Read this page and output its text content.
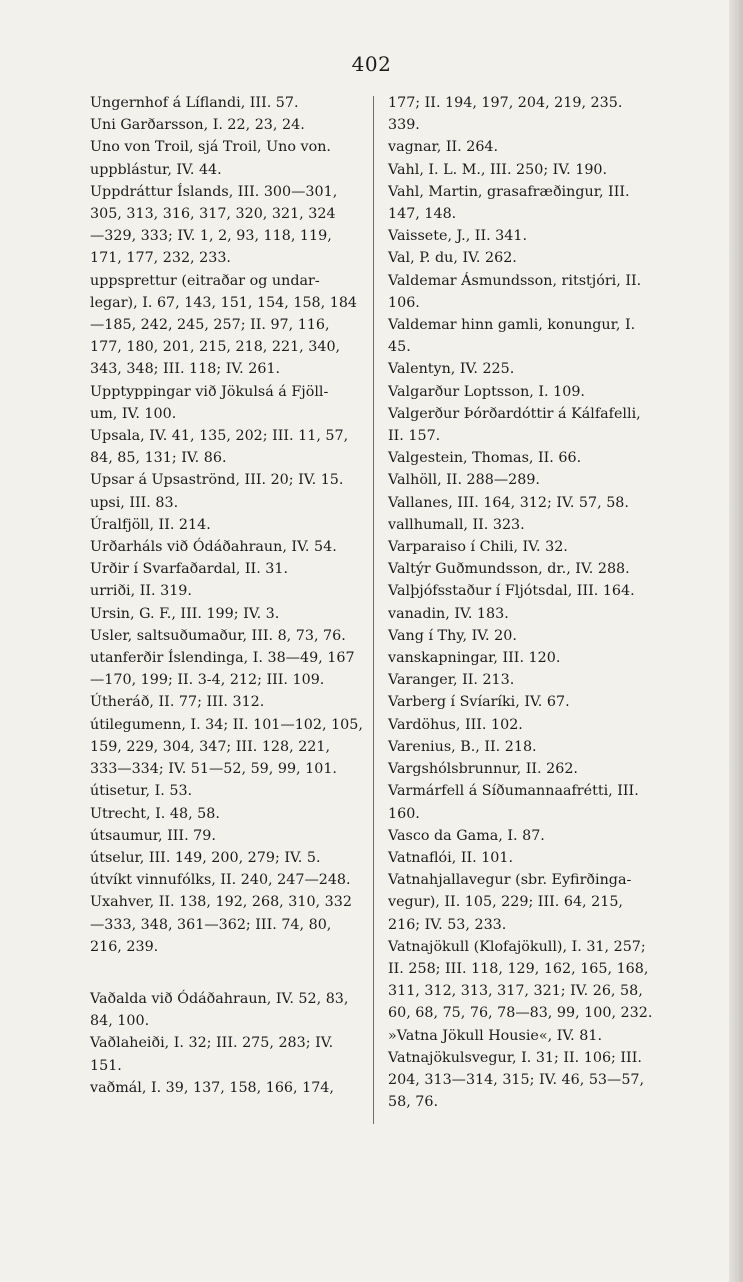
402
Ungernhof á Líflandi, III. 57.
Uni Garðarsson, I. 22, 23, 24.
Uno von Troil, sjá Troil, Uno von.
uppblástur, IV. 44.
Uppdráttur Íslands, III. 300—301,
305, 313, 316, 317, 320, 321, 324
—329, 333; IV. 1, 2, 93, 118, 119,
171, 177, 232, 233.
uppsprettur (eitraðar og undar-
legar), I. 67, 143, 151, 154, 158, 184
—185, 242, 245, 257; II. 97, 116,
177, 180, 201, 215, 218, 221, 340,
343, 348; III. 118; IV. 261.
Upptyppingar við Jökulsá á Fjöll-
um, IV. 100.
Upsala, IV. 41, 135, 202; III. 11, 57,
84, 85, 131; IV. 86.
Upsar á Upsaströnd, III. 20; IV. 15.
upsi, III. 83.
Úralfjöll, II. 214.
Urðarháls við Ódáðahraun, IV. 54.
Urðir í Svarfaðardal, II. 31.
urriði, II. 319.
Ursin, G. F., III. 199; IV. 3.
Usler, saltsuðumaður, III. 8, 73, 76.
utanferðir Íslendinga, I. 38—49, 167
—170, 199; II. 3-4, 212; III. 109.
Útheráð, II. 77; III. 312.
útilegumenn, I. 34; II. 101—102, 105,
159, 229, 304, 347; III. 128, 221,
333—334; IV. 51—52, 59, 99, 101.
útisetur, I. 53.
Utrecht, I. 48, 58.
útsaumur, III. 79.
útselur, III. 149, 200, 279; IV. 5.
útvíkt vinnufólks, II. 240, 247—248.
Uxahver, II. 138, 192, 268, 310, 332
—333, 348, 361—362; III. 74, 80,
216, 239.
Vaðalda við Ódáðahraun, IV. 52, 83,
84, 100.
Vaðlaheiði, I. 32; III. 275, 283; IV.
151.
vaðmál, I. 39, 137, 158, 166, 174,
177; II. 194, 197, 204, 219, 235.
339.
vagnar, II. 264.
Vahl, I. L. M., III. 250; IV. 190.
Vahl, Martin, grasafræðingur, III.
147, 148.
Vaissete, J., II. 341.
Val, P. du, IV. 262.
Valdemar Ásmundsson, ritstjóri, II.
106.
Valdemar hinn gamli, konungur, I.
45.
Valentyn, IV. 225.
Valgarður Loptsson, I. 109.
Valgerður Þórðardóttir á Kálfafelli,
II. 157.
Valgestein, Thomas, II. 66.
Valhöll, II. 288—289.
Vallanes, III. 164, 312; IV. 57, 58.
vallhumall, II. 323.
Varparaiso í Chili, IV. 32.
Valtýr Guðmundsson, dr., IV. 288.
Valþjófsstaður í Fljótsdal, III. 164.
vanadin, IV. 183.
Vang í Thy, IV. 20.
vanskapningar, III. 120.
Varanger, II. 213.
Varberg í Svíaríki, IV. 67.
Vardöhus, III. 102.
Varenius, B., II. 218.
Vargshólsbrunnur, II. 262.
Varmárfell á Síðumannaafrétti, III.
160.
Vasco da Gama, I. 87.
Vatnaflói, II. 101.
Vatnahjallavegur (sbr. Eyfirðinga-
vegur), II. 105, 229; III. 64, 215,
216; IV. 53, 233.
Vatnajökull (Klofajökull), I. 31, 257;
II. 258; III. 118, 129, 162, 165, 168,
311, 312, 313, 317, 321; IV. 26, 58,
60, 68, 75, 76, 78—83, 99, 100, 232.
»Vatna Jökull Housie«, IV. 81.
Vatnajökulsvegur, I. 31; II. 106; III.
204, 313—314, 315; IV. 46, 53—57,
58, 76.
